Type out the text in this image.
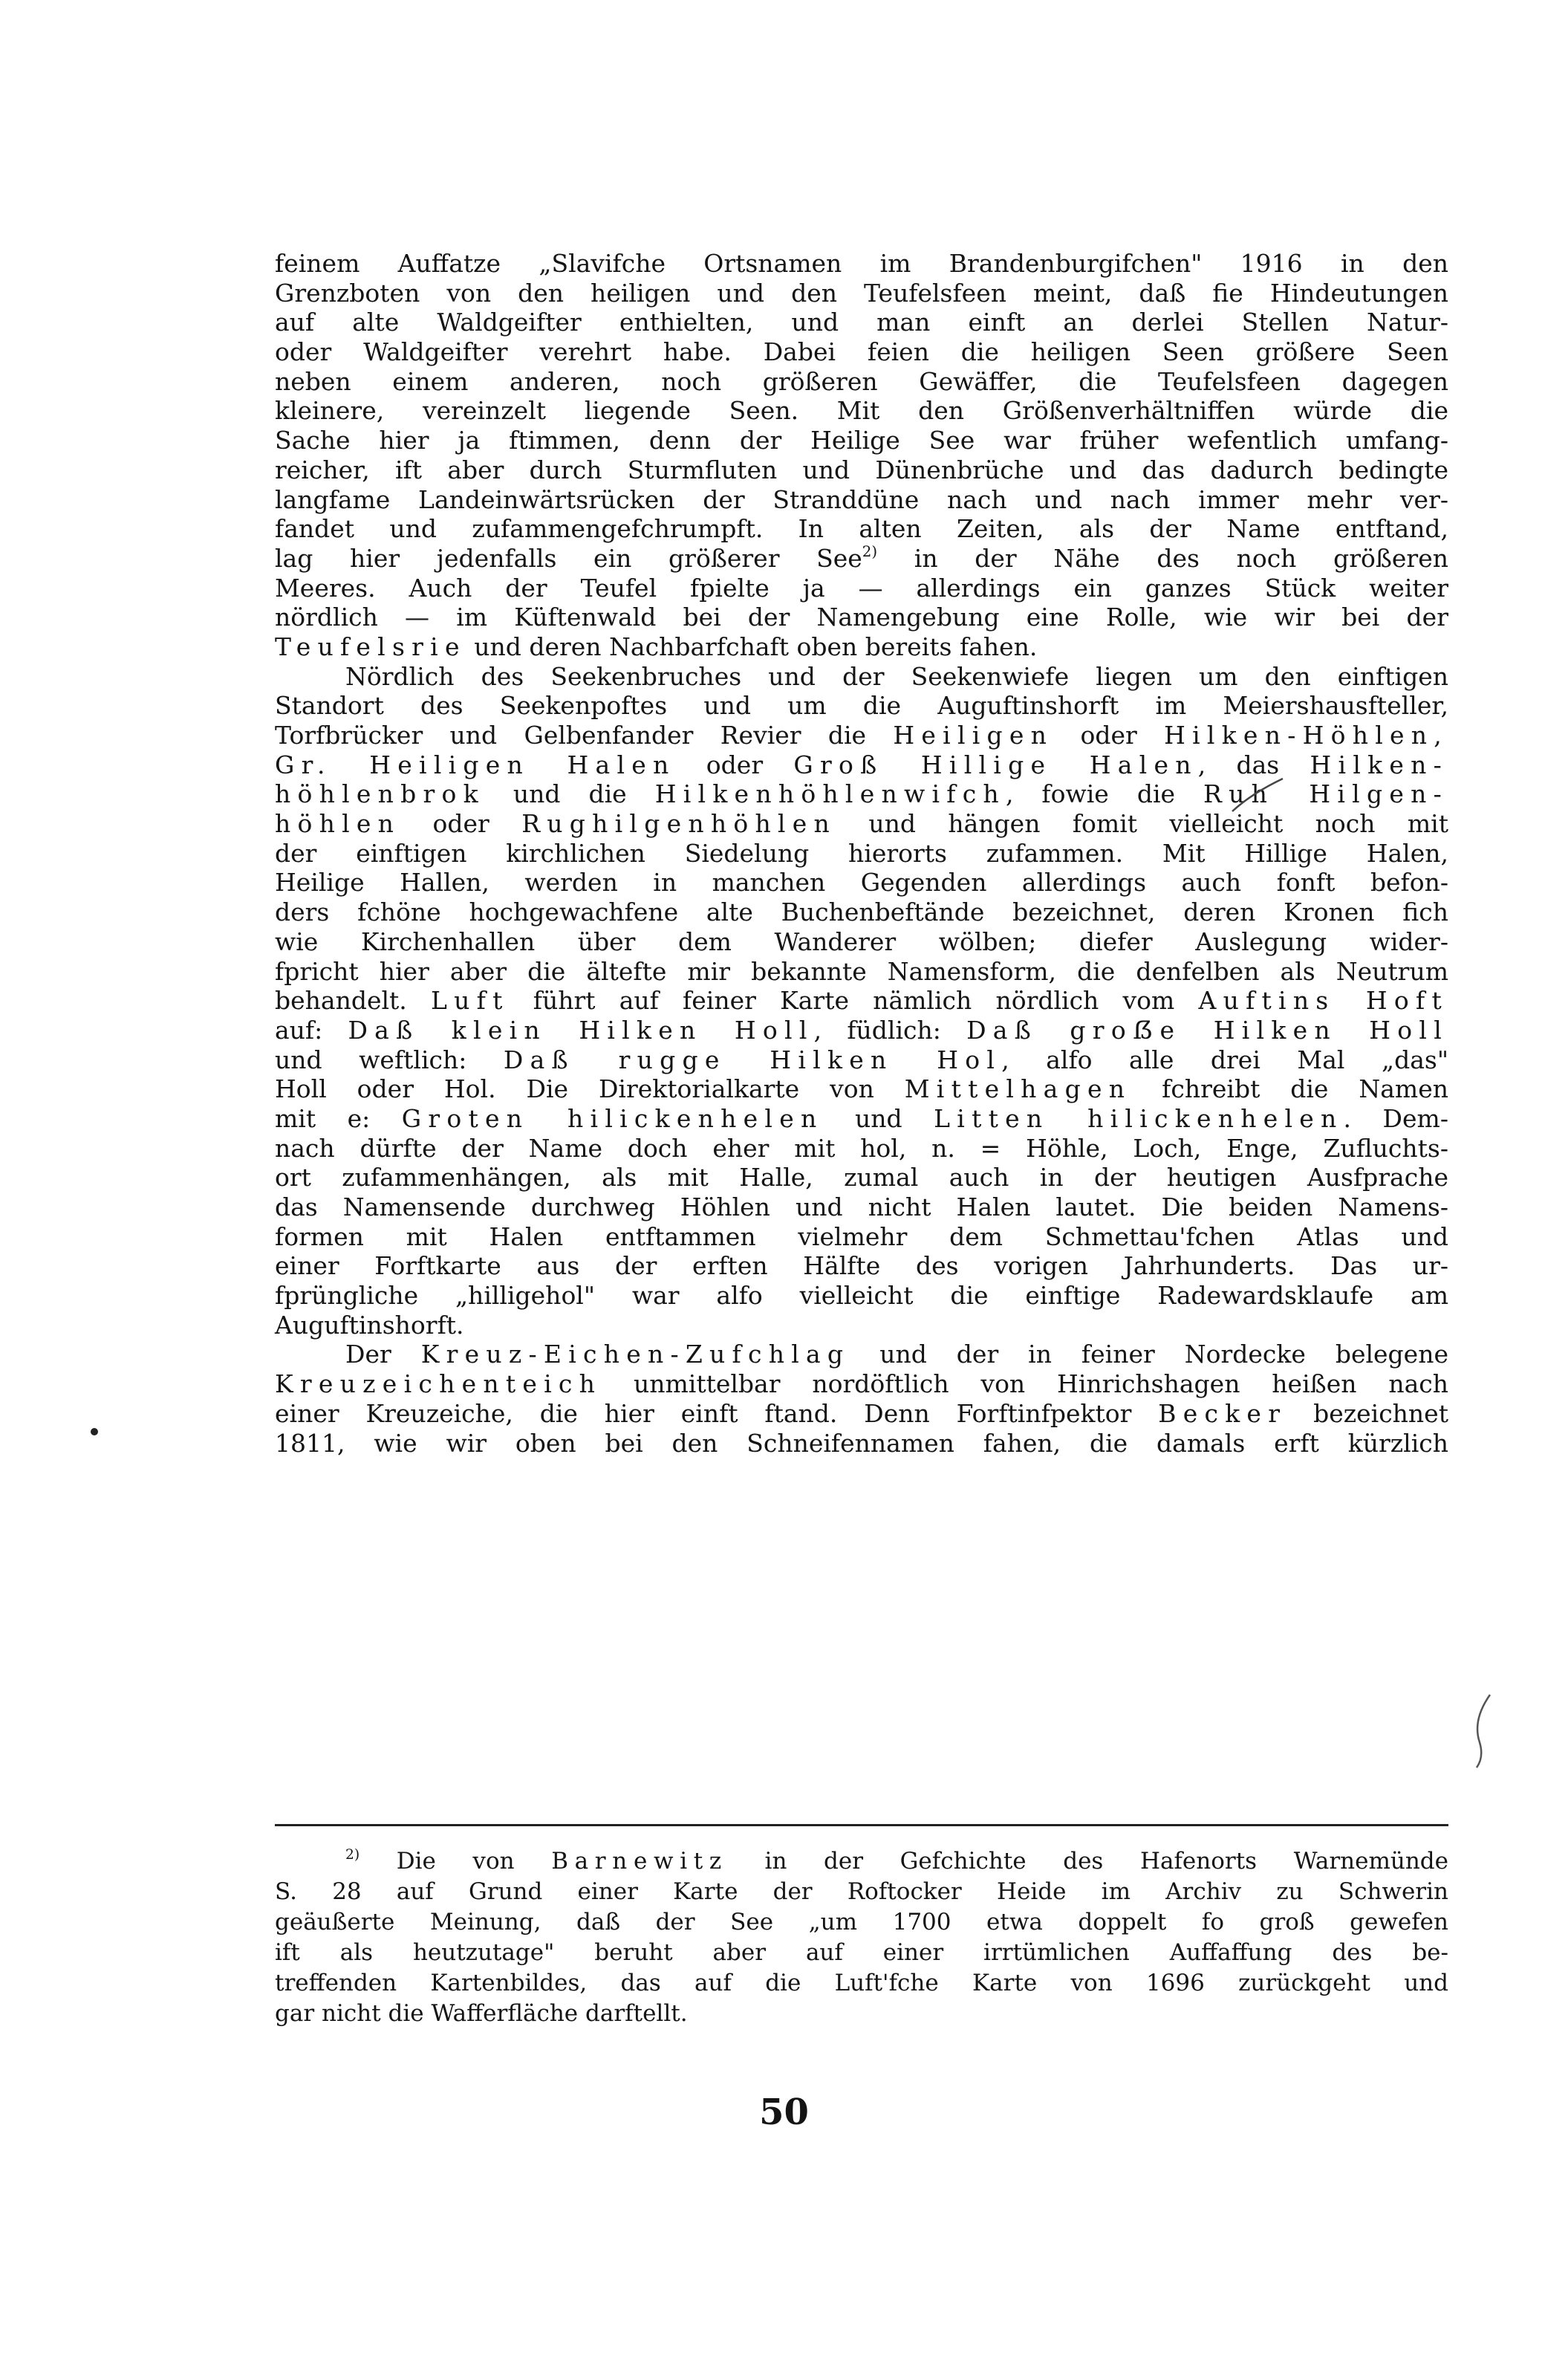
feinem Auffatze „Slavifche Ortsnamen im Brandenburgifchen" 1916 in den
Grenzboten von den heiligen und den Teufelsfeen meint, daß fie Hindeutungen
auf alte Waldgeifter enthielten, und man einft an derlei Stellen Natur-
oder Waldgeifter verehrt habe. Dabei feien die heiligen Seen größere Seen
neben einem anderen, noch größeren Gewäffer, die Teufelsfeen dagegen
kleinere, vereinzelt liegende Seen. Mit den Größenverhältniffen würde die
Sache hier ja ftimmen, denn der Heilige See war früher wefentlich umfang-
reicher, ift aber durch Sturmfluten und Dünenbrüche und das dadurch bedingte
langfame Landeinwärtsrücken der Stranddüne nach und nach immer mehr ver-
fandet und zufammengefchrumpft. In alten Zeiten, als der Name entftand,
lag hier jedenfalls ein größerer See$^{2)}$ in der Nähe des noch größeren
Meeres. Auch der Teufel fpielte ja — allerdings ein ganzes Stück weiter
nördlich — im Küftenwald bei der Namengebung eine Rolle, wie wir bei der
Teufelsrie und deren Nachbarfchaft oben bereits fahen.
Nördlich des Seekenbruches und der Seekenwiefe liegen um den einftigen
Standort des Seekenpoftes und um die Auguftinshorft im Meiershausfteller,
Torfbrücker und Gelbenfander Revier die Heiligen oder Hilken-Höhlen,
Gr. Heiligen Halen oder Groß Hillige Halen, das Hilken-
höhlenbrok und die Hilkenhöhlenwifch, fowie die Ruh Hilgen-
höhlen oder Rughilgenhöhlen und hängen fomit vielleicht noch mit
der einftigen kirchlichen Siedelung hierorts zufammen. Mit Hillige Halen,
Heilige Hallen, werden in manchen Gegenden allerdings auch fonft befon-
ders fchöne hochgewachfene alte Buchenbeftände bezeichnet, deren Kronen fich
wie Kirchenhallen über dem Wanderer wölben; diefer Auslegung wider-
fpricht hier aber die ältefte mir bekannte Namensform, die denfelben als Neutrum
behandelt. Luft führt auf feiner Karte nämlich nördlich vom Auftins Hoft
auf: Daß klein Hilken Holl, füdlich: Daß groẞe Hilken Holl
und weftlich: Daß rugge Hilken Hol, alfo alle drei Mal „das"
Holl oder Hol. Die Direktorialkarte von Mittelhagen fchreibt die Namen
mit e: Groten hilickenhelen und Litten hilickenhelen. Dem-
nach dürfte der Name doch eher mit hol, n. = Höhle, Loch, Enge, Zufluchts-
ort zufammenhängen, als mit Halle, zumal auch in der heutigen Ausfprache
das Namensende durchweg Höhlen und nicht Halen lautet. Die beiden Namens-
formen mit Halen entftammen vielmehr dem Schmettau'fchen Atlas und
einer Forftkarte aus der erften Hälfte des vorigen Jahrhunderts. Das ur-
fprüngliche „hilligehol" war alfo vielleicht die einftige Radewardsklaufe am
Auguftinshorft.
Der Kreuz-Eichen-Zufchlag und der in feiner Nordecke belegene
Kreuzeichenteich unmittelbar nordöftlich von Hinrichshagen heißen nach
einer Kreuzeiche, die hier einft ftand. Denn Forftinfpektor Becker bezeichnet
1811, wie wir oben bei den Schneifennamen fahen, die damals erft kürzlich
$^{2)}$ Die von Barnewitz in der Gefchichte des Hafenorts Warnemünde
S. 28 auf Grund einer Karte der Roftocker Heide im Archiv zu Schwerin
geäußerte Meinung, daß der See „um 1700 etwa doppelt fo groß gewefen
ift als heutzutage" beruht aber auf einer irrtümlichen Auffaffung des be-
treffenden Kartenbildes, das auf die Luft'fche Karte von 1696 zurückgeht und
gar nicht die Wafferfläche darftellt.
50
